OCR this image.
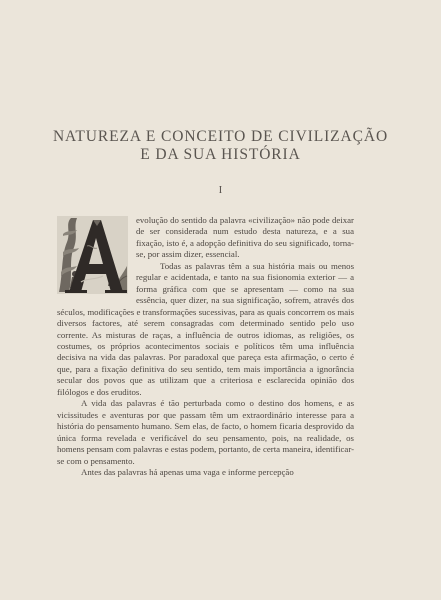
NATUREZA E CONCEITO DE CIVILIZAÇÃO
E DA SUA HISTÓRIA
I

evolução do sentido da palavra «civilização» não pode deixar de ser considerada num estudo desta natureza, e a sua fixação, isto é, a adopção definitiva do seu significado, torna-se, por assim dizer, essencial.

Todas as palavras têm a sua história mais ou menos regular e acidentada, e tanto na sua fisionomia exterior — a forma gráfica com que se apresentam — como na sua essência, quer dizer, na sua significação, sofrem, através dos séculos, modificações e transformações sucessivas, para as quais concorrem os mais diversos factores, até serem consagradas com determinado sentido pelo uso corrente. As misturas de raças, a influência de outros idiomas, as religiões, os costumes, os próprios acontecimentos sociais e políticos têm uma influência decisiva na vida das palavras. Por paradoxal que pareça esta afirmação, o certo é que, para a fixação definitiva do seu sentido, tem mais importância a ignorância secular dos povos que as utilizam que a criteriosa e esclarecida opinião dos filólogos e dos eruditos.

A vida das palavras é tão perturbada como o destino dos homens, e as vicissitudes e aventuras por que passam têm um extraordinário interesse para a história do pensamento humano. Sem elas, de facto, o homem ficaria desprovido da única forma revelada e verificável do seu pensamento, pois, na realidade, os homens pensam com palavras e estas podem, portanto, de certa maneira, identificar-se com o pensamento.

Antes das palavras há apenas uma vaga e informe percepção
